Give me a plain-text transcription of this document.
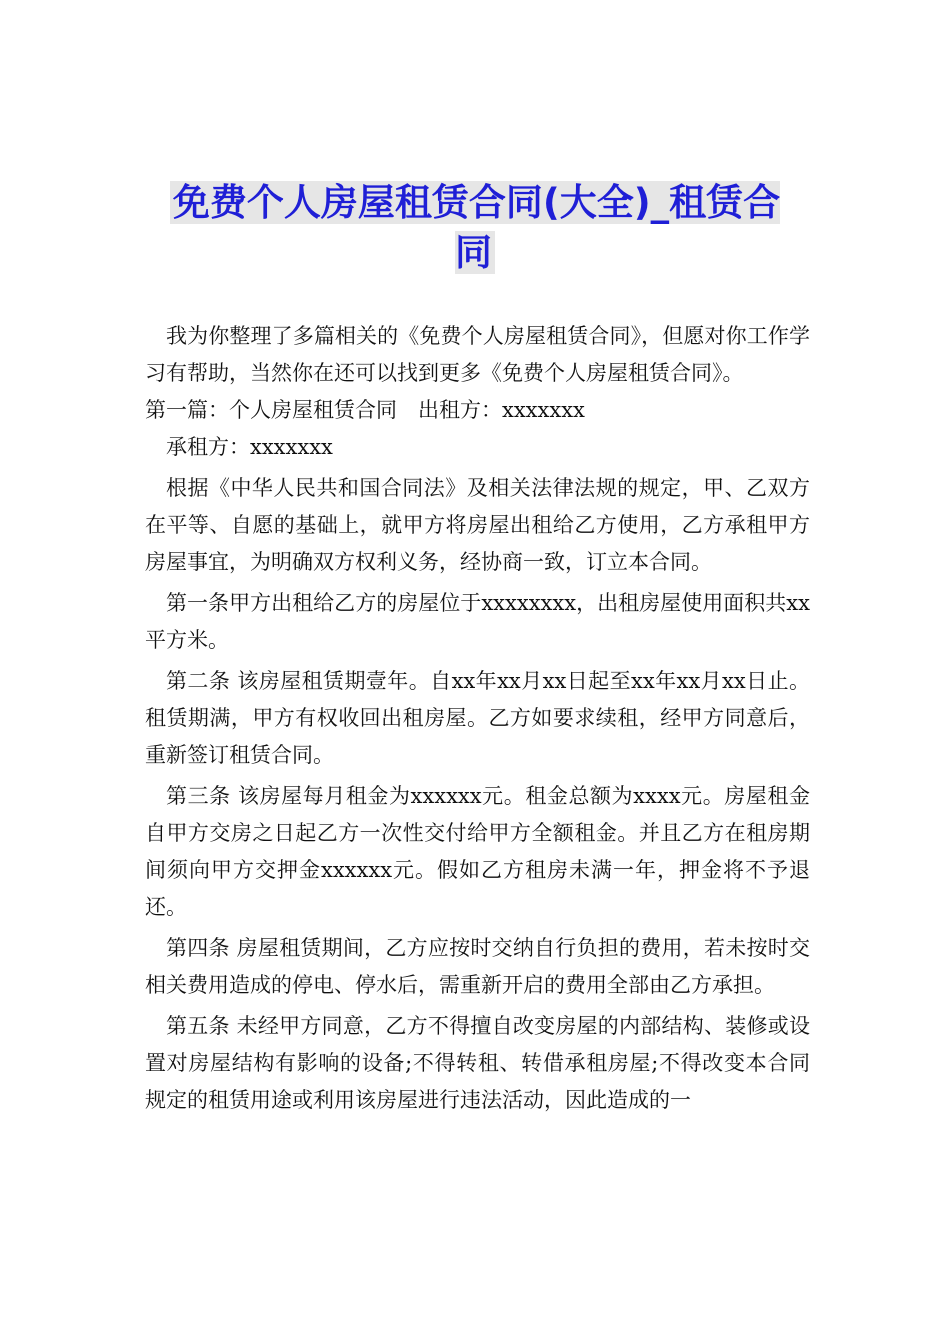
免费个人房屋租赁合同(大全)_租赁合同

我为你整理了多篇相关的《免费个人房屋租赁合同》，但愿对你工作学习有帮助，当然你在还可以找到更多《免费个人房屋租赁合同》。

第一篇：个人房屋租赁合同　出租方：xxxxxxx

承租方：xxxxxxx

根据《中华人民共和国合同法》及相关法律法规的规定，甲、乙双方在平等、自愿的基础上，就甲方将房屋出租给乙方使用，乙方承租甲方房屋事宜，为明确双方权利义务，经协商一致，订立本合同。

第一条甲方出租给乙方的房屋位于xxxxxxxx，出租房屋使用面积共xx平方米。

第二条 该房屋租赁期壹年。自xx年xx月xx日起至xx年xx月xx日止。租赁期满，甲方有权收回出租房屋。乙方如要求续租，经甲方同意后，重新签订租赁合同。

第三条 该房屋每月租金为xxxxxx元。租金总额为xxxx元。房屋租金自甲方交房之日起乙方一次性交付给甲方全额租金。并且乙方在租房期间须向甲方交押金xxxxxx元。假如乙方租房未满一年，押金将不予退还。

第四条 房屋租赁期间，乙方应按时交纳自行负担的费用，若未按时交相关费用造成的停电、停水后，需重新开启的费用全部由乙方承担。

第五条 未经甲方同意，乙方不得擅自改变房屋的内部结构、装修或设置对房屋结构有影响的设备;不得转租、转借承租房屋;不得改变本合同规定的租赁用途或利用该房屋进行违法活动，因此造成的一
